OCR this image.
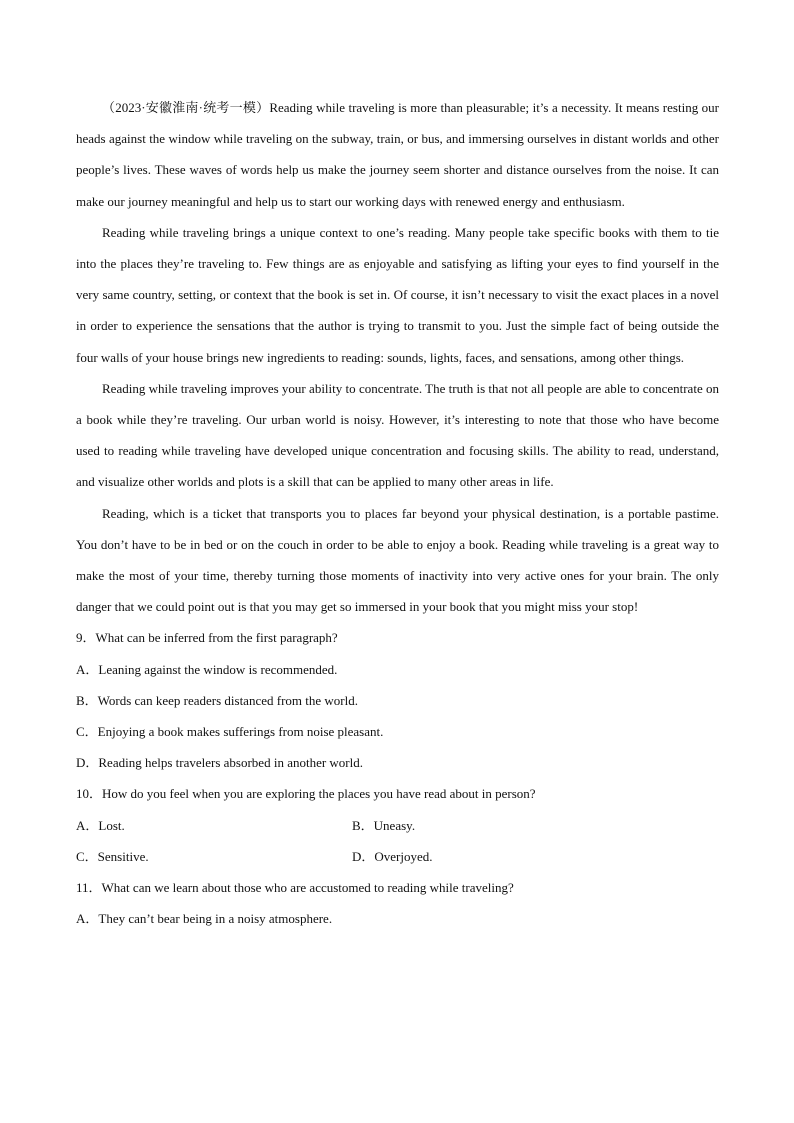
（2023·安徽淮南·统考一模）Reading while traveling is more than pleasurable; it’s a necessity. It means resting our heads against the window while traveling on the subway, train, or bus, and immersing ourselves in distant worlds and other people’s lives. These waves of words help us make the journey seem shorter and distance ourselves from the noise. It can make our journey meaningful and help us to start our working days with renewed energy and enthusiasm.

Reading while traveling brings a unique context to one’s reading. Many people take specific books with them to tie into the places they’re traveling to. Few things are as enjoyable and satisfying as lifting your eyes to find yourself in the very same country, setting, or context that the book is set in. Of course, it isn’t necessary to visit the exact places in a novel in order to experience the sensations that the author is trying to transmit to you. Just the simple fact of being outside the four walls of your house brings new ingredients to reading: sounds, lights, faces, and sensations, among other things.

Reading while traveling improves your ability to concentrate. The truth is that not all people are able to concentrate on a book while they’re traveling. Our urban world is noisy. However, it’s interesting to note that those who have become used to reading while traveling have developed unique concentration and focusing skills. The ability to read, understand, and visualize other worlds and plots is a skill that can be applied to many other areas in life.

Reading, which is a ticket that transports you to places far beyond your physical destination, is a portable pastime. You don’t have to be in bed or on the couch in order to be able to enjoy a book. Reading while traveling is a great way to make the most of your time, thereby turning those moments of inactivity into very active ones for your brain. The only danger that we could point out is that you may get so immersed in your book that you might miss your stop!

9．What can be inferred from the first paragraph?

A．Leaning against the window is recommended.

B．Words can keep readers distanced from the world.

C．Enjoying a book makes sufferings from noise pleasant.

D．Reading helps travelers absorbed in another world.

10．How do you feel when you are exploring the places you have read about in person?

A．Lost.	B．Uneasy.
C．Sensitive.	D．Overjoyed.

11．What can we learn about those who are accustomed to reading while traveling?

A．They can’t bear being in a noisy atmosphere.
